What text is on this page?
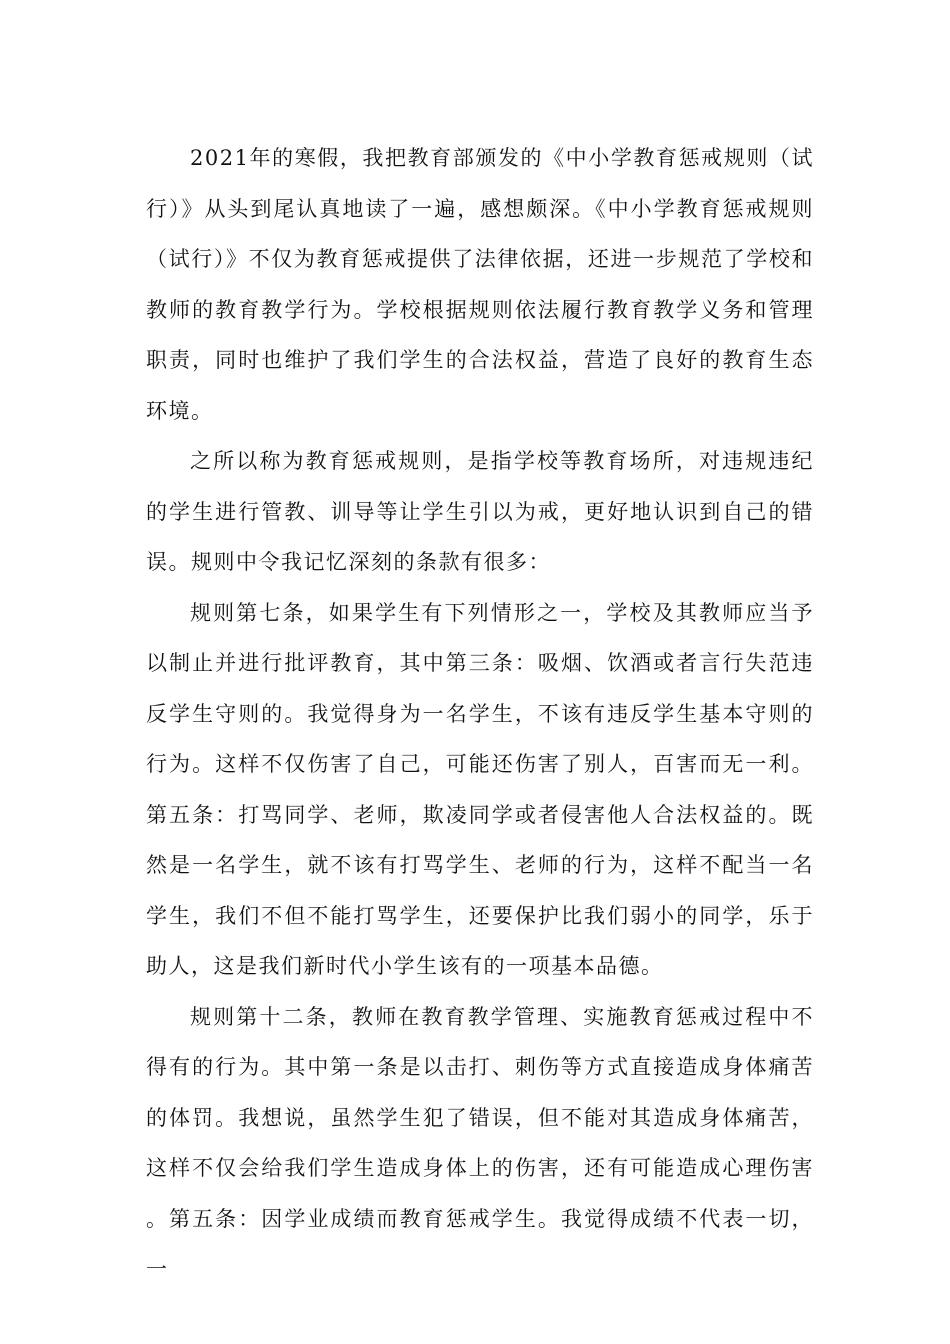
2021年的寒假，我把教育部颁发的《中小学教育惩戒规则（试行）》从头到尾认真地读了一遍，感想颇深。《中小学教育惩戒规则（试行）》不仅为教育惩戒提供了法律依据，还进一步规范了学校和教师的教育教学行为。学校根据规则依法履行教育教学义务和管理职责，同时也维护了我们学生的合法权益，营造了良好的教育生态环境。

之所以称为教育惩戒规则，是指学校等教育场所，对违规违纪的学生进行管教、训导等让学生引以为戒，更好地认识到自己的错误。规则中令我记忆深刻的条款有很多：

规则第七条，如果学生有下列情形之一，学校及其教师应当予以制止并进行批评教育，其中第三条：吸烟、饮酒或者言行失范违反学生守则的。我觉得身为一名学生，不该有违反学生基本守则的行为。这样不仅伤害了自己，可能还伤害了别人，百害而无一利。第五条：打骂同学、老师，欺凌同学或者侵害他人合法权益的。既然是一名学生，就不该有打骂学生、老师的行为，这样不配当一名学生，我们不但不能打骂学生，还要保护比我们弱小的同学，乐于助人，这是我们新时代小学生该有的一项基本品德。

规则第十二条，教师在教育教学管理、实施教育惩戒过程中不得有的行为。其中第一条是以击打、刺伤等方式直接造成身体痛苦的体罚。我想说，虽然学生犯了错误，但不能对其造成身体痛苦，这样不仅会给我们学生造成身体上的伤害，还有可能造成心理伤害。第五条：因学业成绩而教育惩戒学生。我觉得成绩不代表一切，一
